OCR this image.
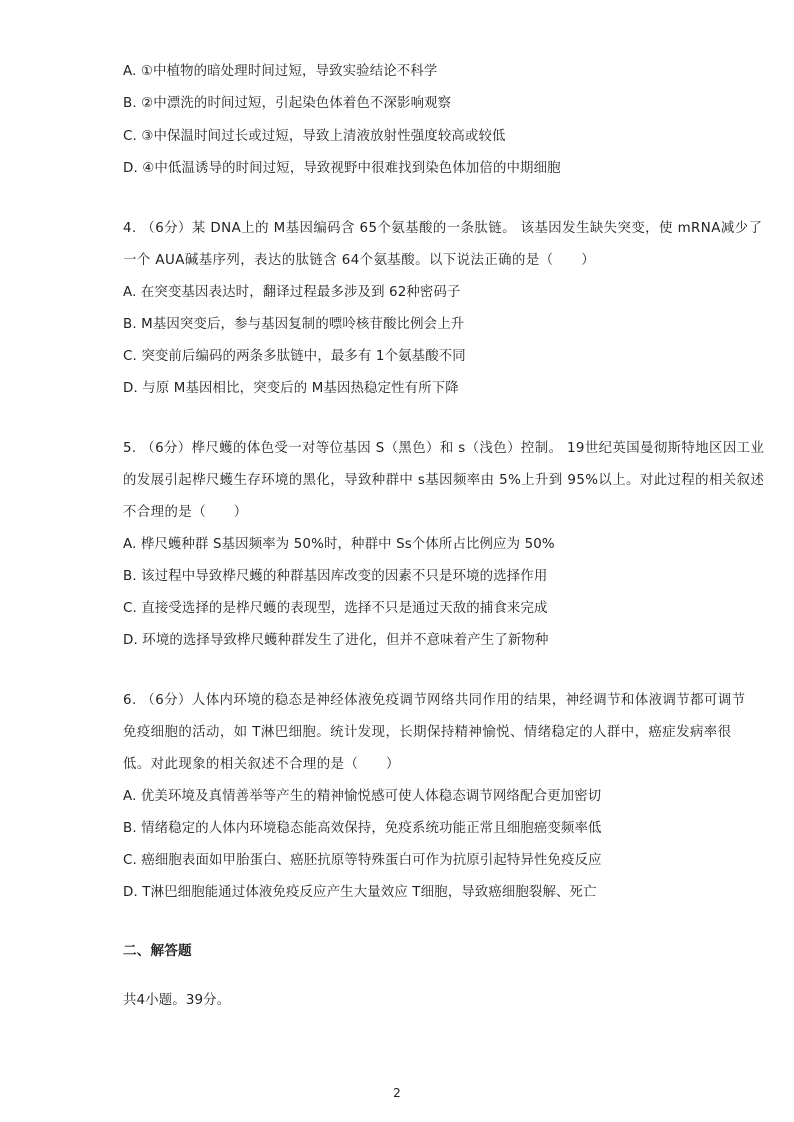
A. ①中植物的暗处理时间过短，导致实验结论不科学
B. ②中漂洗的时间过短，引起染色体着色不深影响观察
C. ③中保温时间过长或过短，导致上清液放射性强度较高或较低
D. ④中低温诱导的时间过短，导致视野中很难找到染色体加倍的中期细胞
4. （6分）某 DNA上的 M基因编码含 65个氨基酸的一条肽链。 该基因发生缺失突变，使 mRNA减少了
一个 AUA碱基序列，表达的肽链含 64个氨基酸。以下说法正确的是（　　）
A. 在突变基因表达时，翻译过程最多涉及到 62种密码子
B. M基因突变后，参与基因复制的嘌呤核苷酸比例会上升
C. 突变前后编码的两条多肽链中，最多有 1个氨基酸不同
D. 与原 M基因相比，突变后的 M基因热稳定性有所下降
5. （6分）桦尺蠖的体色受一对等位基因 S（黑色）和 s（浅色）控制。 19世纪英国曼彻斯特地区因工业
的发展引起桦尺蠖生存环境的黑化，导致种群中 s基因频率由 5%上升到 95%以上。对此过程的相关叙述
不合理的是（　　）
A. 桦尺蠖种群 S基因频率为 50%时，种群中 Ss个体所占比例应为 50%
B. 该过程中导致桦尺蠖的种群基因库改变的因素不只是环境的选择作用
C. 直接受选择的是桦尺蠖的表现型，选择不只是通过天敌的捕食来完成
D. 环境的选择导致桦尺蠖种群发生了进化，但并不意味着产生了新物种
6. （6分）人体内环境的稳态是神经体液免疫调节网络共同作用的结果，神经调节和体液调节都可调节
免疫细胞的活动，如 T淋巴细胞。统计发现，长期保持精神愉悦、情绪稳定的人群中，癌症发病率很
低。对此现象的相关叙述不合理的是（　　）
A. 优美环境及真情善举等产生的精神愉悦感可使人体稳态调节网络配合更加密切
B. 情绪稳定的人体内环境稳态能高效保持，免疫系统功能正常且细胞癌变频率低
C. 癌细胞表面如甲胎蛋白、癌胚抗原等特殊蛋白可作为抗原引起特异性免疫反应
D. T淋巴细胞能通过体液免疫反应产生大量效应 T细胞，导致癌细胞裂解、死亡
二、解答题
共4小题。39分。
2
